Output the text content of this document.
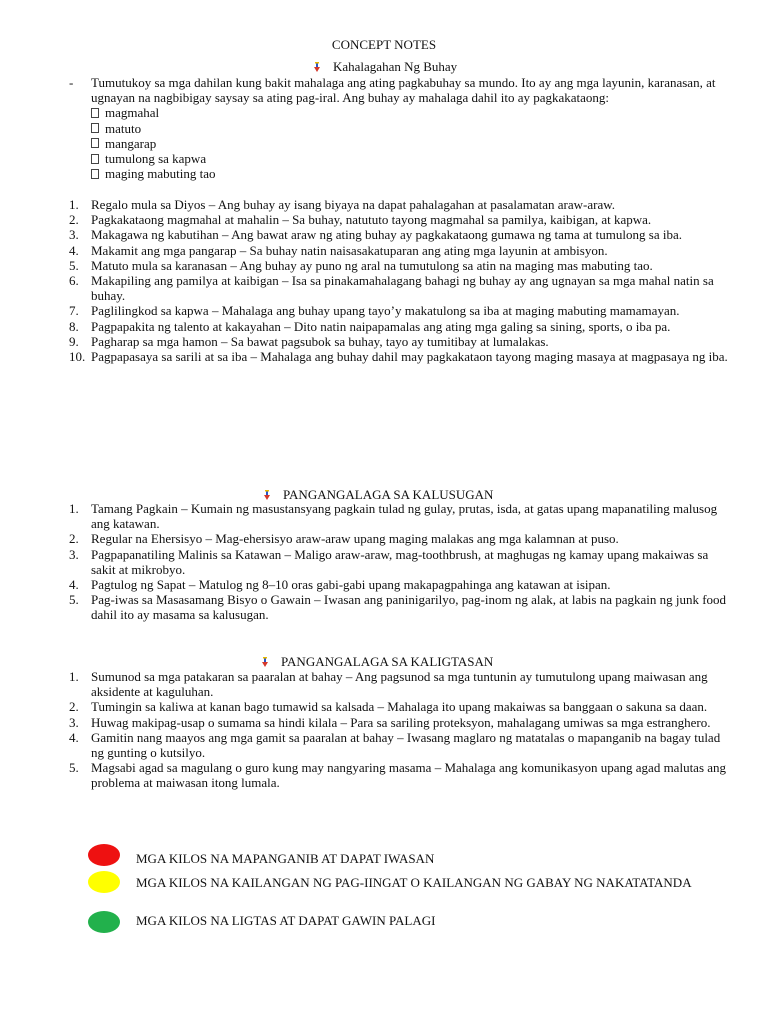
CONCEPT NOTES
Kahalagahan Ng Buhay
- Tumutukoy sa mga dahilan kung bakit mahalaga ang ating pagkabuhay sa mundo. Ito ay ang mga layunin, karanasan, at ugnayan na nagbibigay saysay sa ating pag-iral. Ang buhay ay mahalaga dahil ito ay pagkakataong:
magmahal
matuto
mangarap
tumulong sa kapwa
maging mabuting tao
1. Regalo mula sa Diyos – Ang buhay ay isang biyaya na dapat pahalagahan at pasalamatan araw-araw.
2. Pagkakataong magmahal at mahalin – Sa buhay, natututo tayong magmahal sa pamilya, kaibigan, at kapwa.
3. Makagawa ng kabutihan – Ang bawat araw ng ating buhay ay pagkakataong gumawa ng tama at tumulong sa iba.
4. Makamit ang mga pangarap – Sa buhay natin naisasakatuparan ang ating mga layunin at ambisyon.
5. Matuto mula sa karanasan – Ang buhay ay puno ng aral na tumutulong sa atin na maging mas mabuting tao.
6. Makapiling ang pamilya at kaibigan – Isa sa pinakamahalagang bahagi ng buhay ay ang ugnayan sa mga mahal natin sa buhay.
7. Paglilingkod sa kapwa – Mahalaga ang buhay upang tayo’y makatulong sa iba at maging mabuting mamamayan.
8. Pagpapakita ng talento at kakayahan – Dito natin naipapamalas ang ating mga galing sa sining, sports, o iba pa.
9. Pagharap sa mga hamon – Sa bawat pagsubok sa buhay, tayo ay tumitibay at lumalakas.
10. Pagpapasaya sa sarili at sa iba – Mahalaga ang buhay dahil may pagkakataon tayong maging masaya at magpasaya ng iba.
PANGANGALAGA SA KALUSUGAN
1. Tamang Pagkain – Kumain ng masustansyang pagkain tulad ng gulay, prutas, isda, at gatas upang mapanatiling malusog ang katawan.
2. Regular na Ehersisyo – Mag-ehersisyo araw-araw upang maging malakas ang mga kalamnan at puso.
3. Pagpapanatiling Malinis sa Katawan – Maligo araw-araw, mag-toothbrush, at maghugas ng kamay upang makaiwas sa sakit at mikrobyo.
4. Pagtulog ng Sapat – Matulog ng 8–10 oras gabi-gabi upang makapagpahinga ang katawan at isipan.
5. Pag-iwas sa Masasamang Bisyo o Gawain – Iwasan ang paninigarilyo, pag-inom ng alak, at labis na pagkain ng junk food dahil ito ay masama sa kalusugan.
PANGANGALAGA SA KALIGTASAN
1. Sumunod sa mga patakaran sa paaralan at bahay – Ang pagsunod sa mga tuntunin ay tumutulong upang maiwasan ang aksidente at kaguluhan.
2. Tumingin sa kaliwa at kanan bago tumawid sa kalsada – Mahalaga ito upang makaiwas sa banggaan o sakuna sa daan.
3. Huwag makipag-usap o sumama sa hindi kilala – Para sa sariling proteksyon, mahalagang umiwas sa mga estranghero.
4. Gamitin nang maayos ang mga gamit sa paaralan at bahay – Iwasang maglaro ng matatalas o mapanganib na bagay tulad ng gunting o kutsilyo.
5. Magsabi agad sa magulang o guro kung may nangyaring masama – Mahalaga ang komunikasyon upang agad malutas ang problema at maiwasan itong lumala.
MGA KILOS NA MAPANGANIB AT DAPAT IWASAN
MGA KILOS NA KAILANGAN NG PAG-IINGAT O KAILANGAN NG GABAY NG NAKATATANDA
MGA KILOS NA LIGTAS AT DAPAT GAWIN PALAGI
